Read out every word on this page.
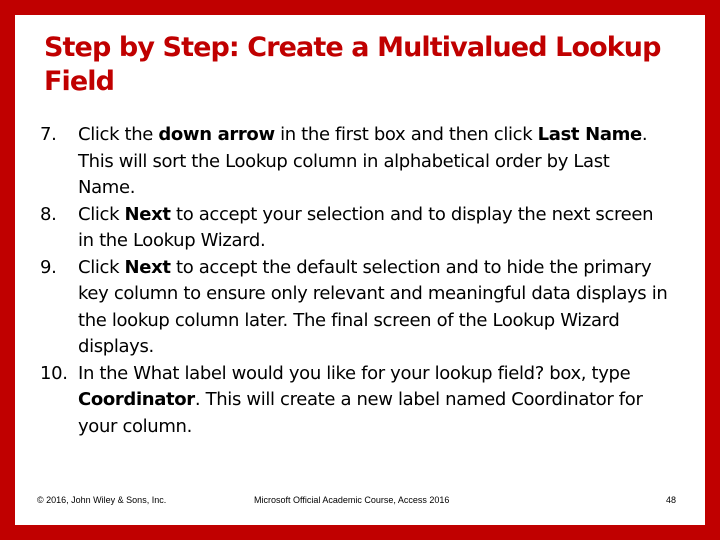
Step by Step: Create a Multivalued Lookup Field
7. Click the down arrow in the first box and then click Last Name. This will sort the Lookup column in alphabetical order by Last Name.
8. Click Next to accept your selection and to display the next screen in the Lookup Wizard.
9. Click Next to accept the default selection and to hide the primary key column to ensure only relevant and meaningful data displays in the lookup column later. The final screen of the Lookup Wizard displays.
10. In the What label would you like for your lookup field? box, type Coordinator. This will create a new label named Coordinator for your column.
© 2016, John Wiley & Sons, Inc.	Microsoft Official Academic Course, Access 2016	48
